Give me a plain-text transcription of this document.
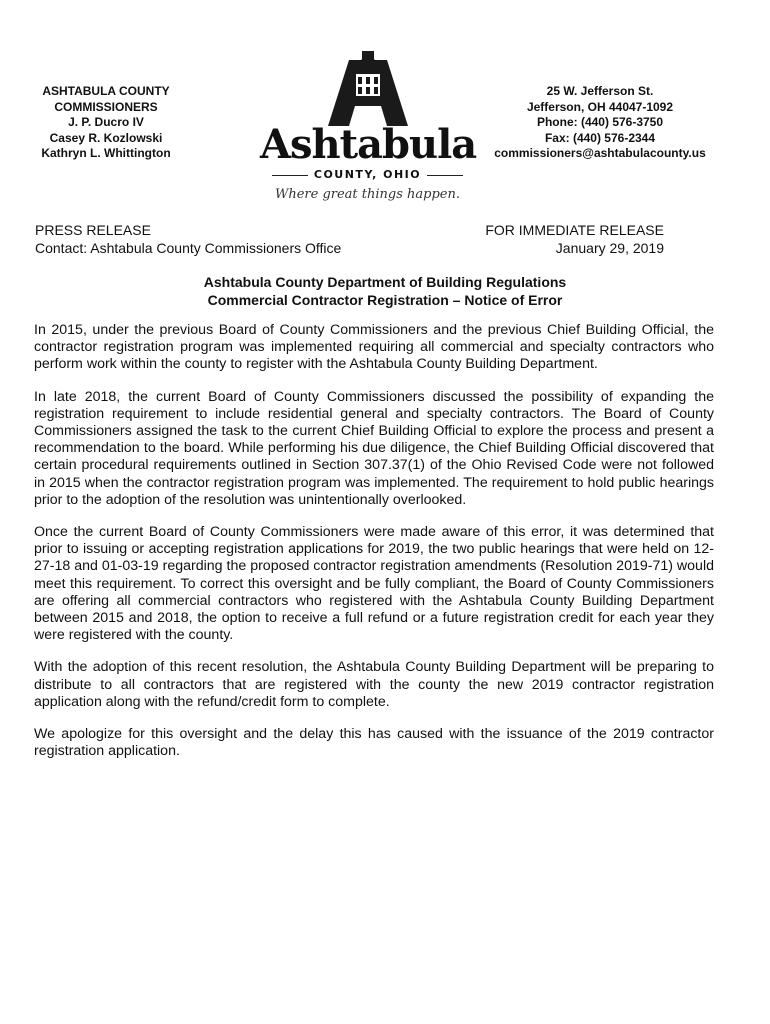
ASHTABULA COUNTY
COMMISSIONERS
J. P. Ducro IV
Casey R. Kozlowski
Kathryn L. Whittington	Ashtabula
COUNTY, OHIO
Where great things happen.
25 W. Jefferson St.
Jefferson, OH 44047-1092
Phone: (440) 576-3750
Fax: (440) 576-2344
commissioners@ashtabulacounty.us
PRESS RELEASE
Contact: Ashtabula County Commissioners Office
FOR IMMEDIATE RELEASE
January 29, 2019
Ashtabula County Department of Building Regulations
Commercial Contractor Registration – Notice of Error

In 2015, under the previous Board of County Commissioners and the previous Chief Building Official, the contractor registration program was implemented requiring all commercial and specialty contractors who perform work within the county to register with the Ashtabula County Building Department.

In late 2018, the current Board of County Commissioners discussed the possibility of expanding the registration requirement to include residential general and specialty contractors. The Board of County Commissioners assigned the task to the current Chief Building Official to explore the process and present a recommendation to the board. While performing his due diligence, the Chief Building Official discovered that certain procedural requirements outlined in Section 307.37(1) of the Ohio Revised Code were not followed in 2015 when the contractor registration program was implemented. The requirement to hold public hearings prior to the adoption of the resolution was unintentionally overlooked.

Once the current Board of County Commissioners were made aware of this error, it was determined that prior to issuing or accepting registration applications for 2019, the two public hearings that were held on 12-27-18 and 01-03-19 regarding the proposed contractor registration amendments (Resolution 2019-71) would meet this requirement. To correct this oversight and be fully compliant, the Board of County Commissioners are offering all commercial contractors who registered with the Ashtabula County Building Department between 2015 and 2018, the option to receive a full refund or a future registration credit for each year they were registered with the county.

With the adoption of this recent resolution, the Ashtabula County Building Department will be preparing to distribute to all contractors that are registered with the county the new 2019 contractor registration application along with the refund/credit form to complete.

We apologize for this oversight and the delay this has caused with the issuance of the 2019 contractor registration application.
